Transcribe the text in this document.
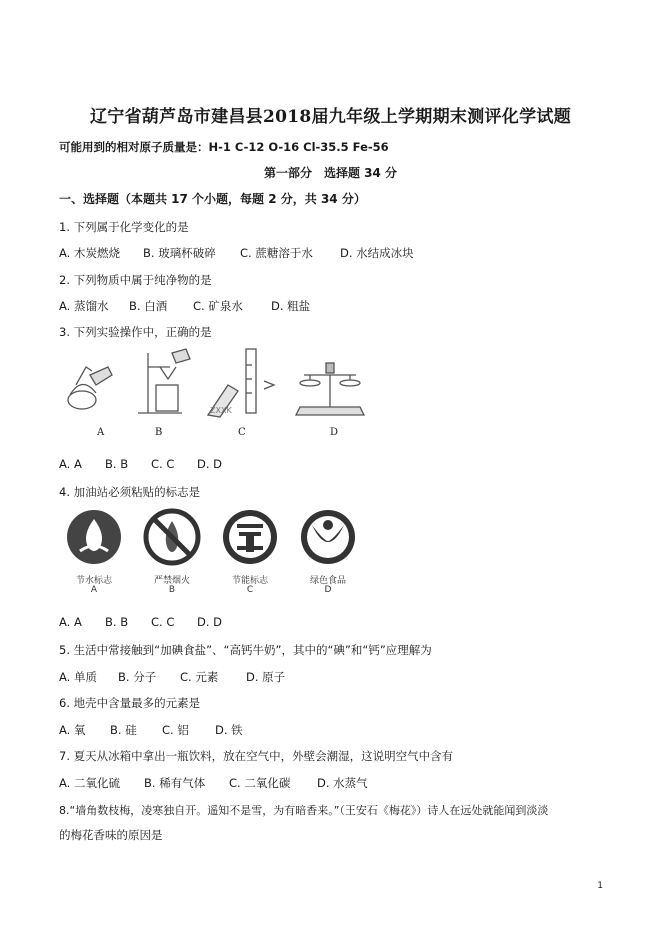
辽宁省葫芦岛市建昌县2018届九年级上学期期末测评化学试题
可能用到的相对原子质量是：H-1 C-12 O-16 Cl-35.5 Fe-56
第一部分　选择题 34 分
一、选择题（本题共 17 个小题，每题 2 分，共 34 分）
1. 下列属于化学变化的是
A. 木炭燃烧 B. 玻璃杯破碎 C. 蔗糖溶于水 D. 水结成冰块
2. 下列物质中属于纯净物的是
A. 蒸馏水 B. 白酒 C. 矿泉水 D. 粗盐
3. 下列实验操作中，正确的是
ZXXK
A	B	C	D
A. A B. B C. C D. D
4. 加油站必须粘贴的标志是
节水标志	严禁烟火	节能标志	绿色食品
A	B	C	D
A. A B. B C. C D. D
5. 生活中常接触到“加碘食盐”、“高钙牛奶”，其中的“碘”和“钙”应理解为
A. 单质 B. 分子 C. 元素 D. 原子
6. 地壳中含量最多的元素是
A. 氧 B. 硅 C. 铝 D. 铁
7. 夏天从冰箱中拿出一瓶饮料，放在空气中，外壁会潮湿，这说明空气中含有
A. 二氧化硫 B. 稀有气体 C. 二氧化碳 D. 水蒸气
8.“墙角数枝梅，凌寒独自开。遥知不是雪，为有暗香来。”（王安石《梅花》）诗人在远处就能闻到淡淡
的梅花香味的原因是
1
